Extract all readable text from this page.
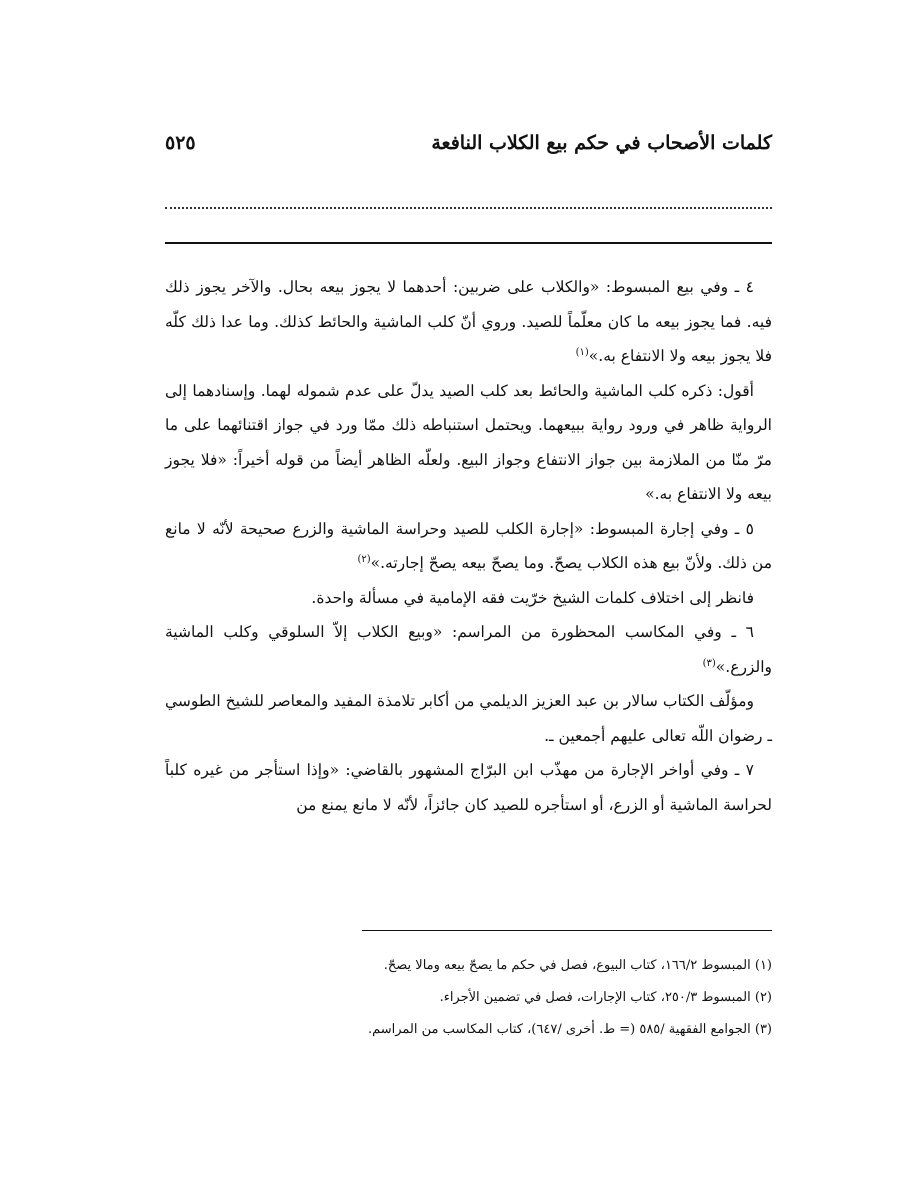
كلمات الأصحاب في حكم بيع الكلاب النافعة
٥٢٥

٤ ـ وفي بيع المبسوط: «والكلاب على ضربين: أحدهما لا يجوز بيعه بحال. والآخر يجوز ذلك فيه. فما يجوز بيعه ما كان معلّماً للصيد. وروي أنّ كلب الماشية والحائط كذلك. وما عدا ذلك كلّه فلا يجوز بيعه ولا الانتفاع به.»$^{(١)}$

أقول: ذكره كلب الماشية والحائط بعد كلب الصيد يدلّ على عدم شموله لهما. وإسنادهما إلى الرواية ظاهر في ورود رواية ببيعهما. ويحتمل استنباطه ذلك ممّا ورد في جواز اقتنائهما على ما مرّ منّا من الملازمة بين جواز الانتفاع وجواز البيع. ولعلّه الظاهر أيضاً من قوله أخيراً: «فلا يجوز بيعه ولا الانتفاع به.»

٥ ـ وفي إجارة المبسوط: «إجارة الكلب للصيد وحراسة الماشية والزرع صحيحة لأنّه لا مانع من ذلك. ولأنّ بيع هذه الكلاب يصحّ. وما يصحّ بيعه يصحّ إجارته.»$^{(٢)}$

فانظر إلى اختلاف كلمات الشيخ خرّيت فقه الإمامية في مسألة واحدة.

٦ ـ وفي المكاسب المحظورة من المراسم: «وبيع الكلاب إلاّ السلوقي وكلب الماشية والزرع.»$^{(٣)}$

ومؤلّف الكتاب سالار بن عبد العزيز الديلمي من أكابر تلامذة المفيد والمعاصر للشيخ الطوسي ـ رضوان اللّه تعالى عليهم أجمعين ـ.

٧ ـ وفي أواخر الإجارة من مهذّب ابن البرّاج المشهور بالقاضي: «وإذا استأجر من غيره كلباً لحراسة الماشية أو الزرع، أو استأجره للصيد كان جائزاً، لأنّه لا مانع يمنع من

(١) المبسوط ١٦٦/٢، كتاب البيوع، فصل في حكم ما يصحّ بيعه ومالا يصحّ.

(٢) المبسوط ٢٥٠/٣، كتاب الإجارات، فصل في تضمين الأجراء.

(٣) الجوامع الفقهية /٥٨٥ (= ط. أخرى /٦٤٧)، كتاب المكاسب من المراسم.
